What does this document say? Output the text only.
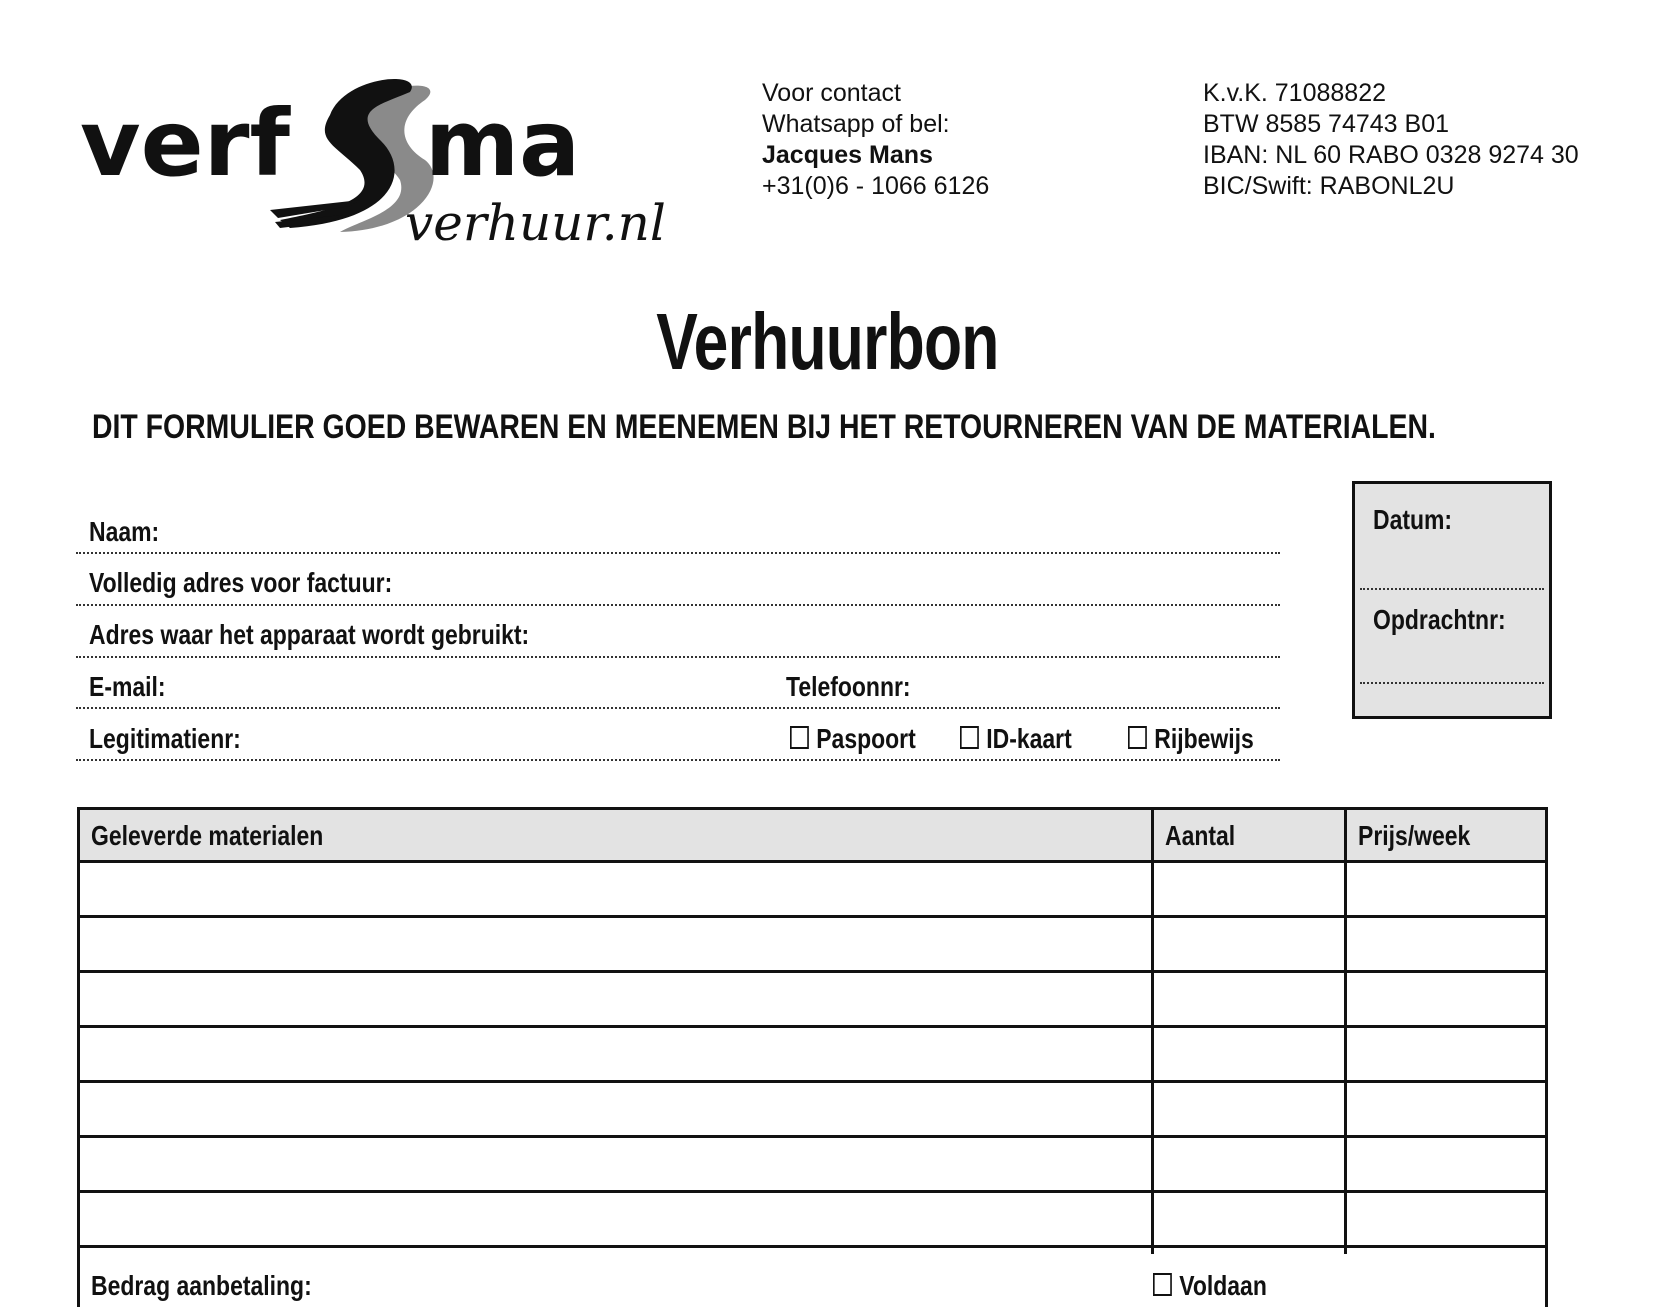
verf ma
verhuur.nl
Voor contact
Whatsapp of bel:
Jacques Mans
+31(0)6 - 1066 6126
K.v.K. 71088822
BTW 8585 74743 B01
IBAN: NL 60 RABO 0328 9274 30
BIC/Swift: RABONL2U
Verhuurbon
DIT FORMULIER GOED BEWAREN EN MEENEMEN BIJ HET RETOURNEREN VAN DE MATERIALEN.
Naam:
Volledig adres voor factuur:
Adres waar het apparaat wordt gebruikt:
E-mail:	Telefoonnr:
Legitimatienr:	Paspoort	ID-kaart	Rijbewijs
Datum:
Opdrachtnr:
Geleverde materialen	Aantal	Prijs/week
Bedrag aanbetaling:	Voldaan
